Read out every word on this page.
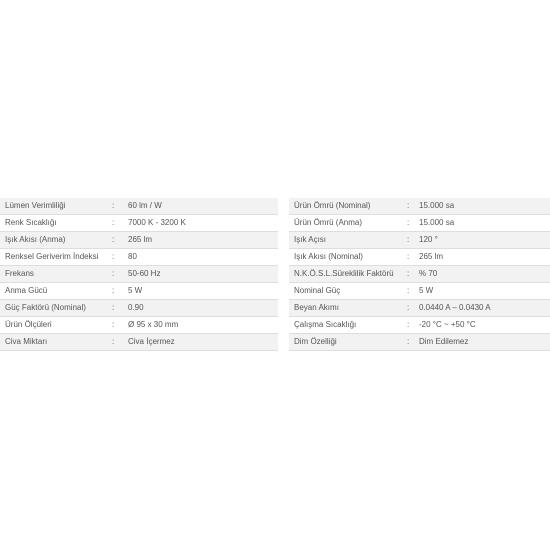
Lümen Verimliliği	:	60 lm / W
Renk Sıcaklığı	:	7000 K - 3200 K
Işık Akısı (Anma)	:	265 lm
Renksel Geriverim İndeksi	:	80
Frekans	:	50-60 Hz
Anma Gücü	:	5 W
Güç Faktörü (Nominal)	:	0.90
Ürün Ölçüleri	:	Ø 95 x 30 mm
Civa Miktarı	:	Civa İçermez
Ürün Ömrü (Nominal)	:	15.000 sa
Ürün Ömrü (Anma)	:	15.000 sa
Işık Açısı	:	120 °
Işık Akısı (Nominal)	:	265 lm
N.K.Ö.S.L.Süreklilik Faktörü	:	% 70
Nominal Güç	:	5 W
Beyan Akımı	:	0.0440 A – 0.0430 A
Çalışma Sıcaklığı	:	-20 °C ~ +50 °C
Dim Özelliği	:	Dim Edilemez
